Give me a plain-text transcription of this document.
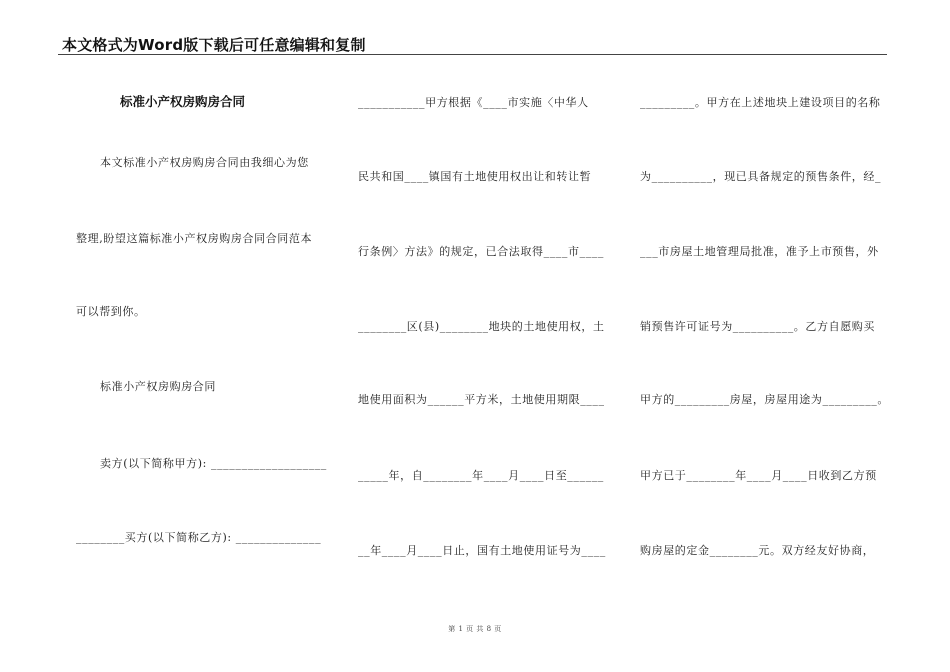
本文格式为Word版下载后可任意编辑和复制
标准小产权房购房合同
本文标准小产权房购房合同由我细心为您
整理,盼望这篇标准小产权房购房合同合同范本
可以帮到你。
标准小产权房购房合同
卖方(以下简称甲方): ___________________
________买方(以下简称乙方): ______________
___________甲方根据《____市实施〈中华人
民共和国____镇国有土地使用权出让和转让暂
行条例〉方法》的规定，已合法取得____市____
________区(县)________地块的土地使用权，土
地使用面积为______平方米，土地使用期限____
_____年，自________年____月____日至______
__年____月____日止，国有土地使用证号为____
_________。甲方在上述地块上建设项目的名称
为__________，现已具备规定的预售条件，经_
___市房屋土地管理局批准，准予上市预售，外
销预售许可证号为__________。乙方自愿购买
甲方的_________房屋，房屋用途为_________。
甲方已于________年____月____日收到乙方预
购房屋的定金________元。双方经友好协商，
第 1 页 共 8 页
